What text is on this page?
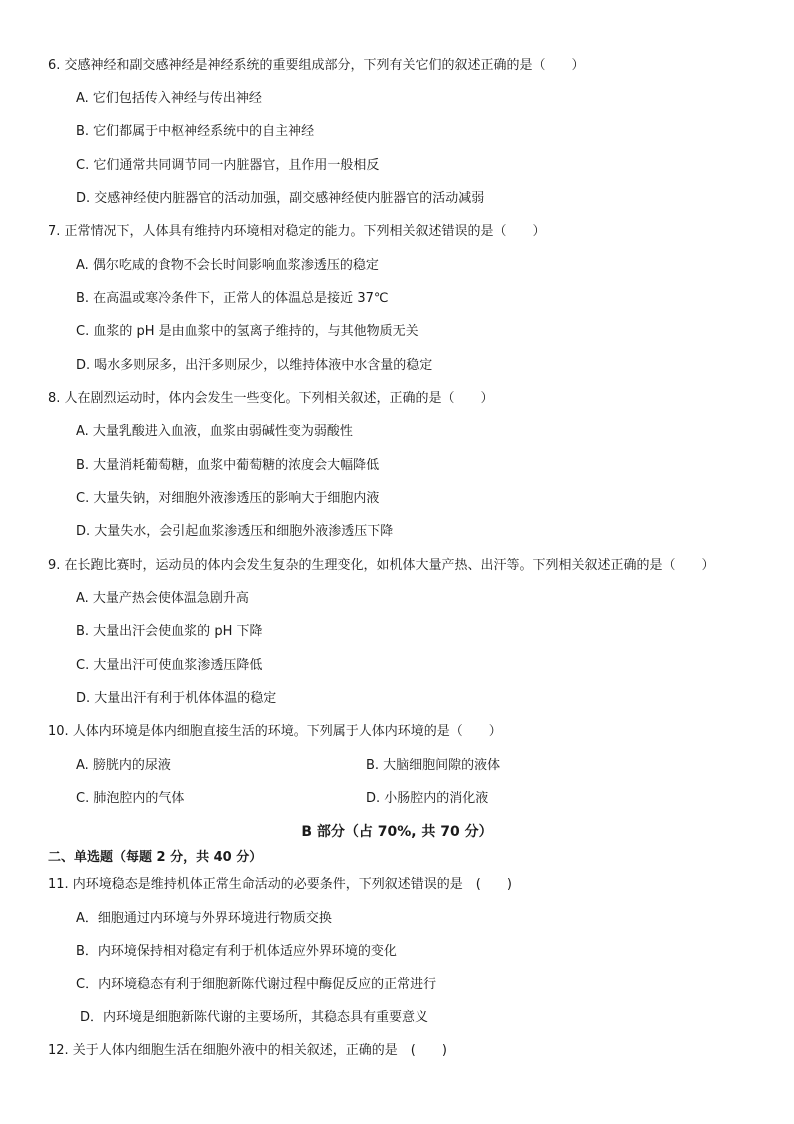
6. 交感神经和副交感神经是神经系统的重要组成部分，下列有关它们的叙述正确的是（　　）
A. 它们包括传入神经与传出神经
B. 它们都属于中枢神经系统中的自主神经
C. 它们通常共同调节同一内脏器官，且作用一般相反
D. 交感神经使内脏器官的活动加强，副交感神经使内脏器官的活动减弱
7. 正常情况下，人体具有维持内环境相对稳定的能力。下列相关叙述错误的是（　　）
A. 偶尔吃咸的食物不会长时间影响血浆渗透压的稳定
B. 在高温或寒冷条件下，正常人的体温总是接近 37℃
C. 血浆的 pH 是由血浆中的氢离子维持的，与其他物质无关
D. 喝水多则尿多，出汗多则尿少，以维持体液中水含量的稳定
8. 人在剧烈运动时，体内会发生一些变化。下列相关叙述，正确的是（　　）
A. 大量乳酸进入血液，血浆由弱碱性变为弱酸性
B. 大量消耗葡萄糖，血浆中葡萄糖的浓度会大幅降低
C. 大量失钠，对细胞外液渗透压的影响大于细胞内液
D. 大量失水，会引起血浆渗透压和细胞外液渗透压下降
9. 在长跑比赛时，运动员的体内会发生复杂的生理变化，如机体大量产热、出汗等。下列相关叙述正确的是（　　）
A. 大量产热会使体温急剧升高
B. 大量出汗会使血浆的 pH 下降
C. 大量出汗可使血浆渗透压降低
D. 大量出汗有利于机体体温的稳定
10. 人体内环境是体内细胞直接生活的环境。下列属于人体内环境的是（　　）
A. 膀胱内的尿液	B. 大脑细胞间隙的液体
C. 肺泡腔内的气体	D. 小肠腔内的消化液
B 部分（占 70%, 共 70 分）
二、单选题（每题 2 分，共 40 分）
11. 内环境稳态是维持机体正常生命活动的必要条件，下列叙述错误的是　(　　)
A．细胞通过内环境与外界环境进行物质交换
B．内环境保持相对稳定有利于机体适应外界环境的变化
C．内环境稳态有利于细胞新陈代谢过程中酶促反应的正常进行
D．内环境是细胞新陈代谢的主要场所，其稳态具有重要意义
12. 关于人体内细胞生活在细胞外液中的相关叙述，正确的是　(　　)
